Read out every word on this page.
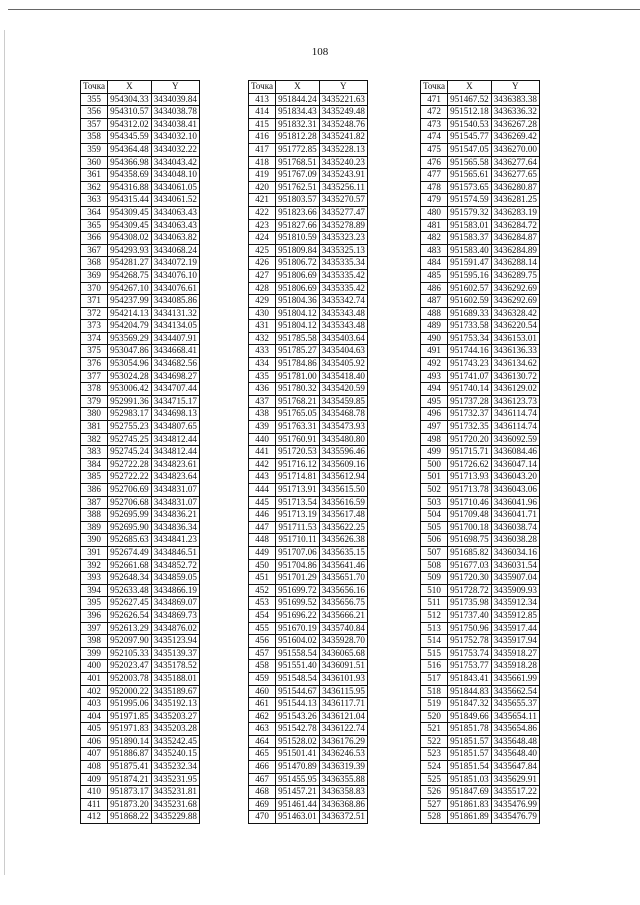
108
Точка	X	Y
355	954304.33	3434039.84
356	954310.57	3434038.78
357	954312.02	3434038.41
358	954345.59	3434032.10
359	954364.48	3434032.22
360	954366.98	3434043.42
361	954358.69	3434048.10
362	954316.88	3434061.05
363	954315.44	3434061.52
364	954309.45	3434063.43
365	954309.45	3434063.43
366	954308.02	3434063.82
367	954293.93	3434068.24
368	954281.27	3434072.19
369	954268.75	3434076.10
370	954267.10	3434076.61
371	954237.99	3434085.86
372	954214.13	3434131.32
373	954204.79	3434134.05
374	953569.29	3434407.91
375	953047.86	3434668.41
376	953054.96	3434682.56
377	953024.28	3434698.27
378	953006.42	3434707.44
379	952991.36	3434715.17
380	952983.17	3434698.13
381	952755.23	3434807.65
382	952745.25	3434812.44
383	952745.24	3434812.44
384	952722.28	3434823.61
385	952722.22	3434823.64
386	952706.69	3434831.07
387	952706.68	3434831.07
388	952695.99	3434836.21
389	952695.90	3434836.34
390	952685.63	3434841.23
391	952674.49	3434846.51
392	952661.68	3434852.72
393	952648.34	3434859.05
394	952633.48	3434866.19
395	952627.45	3434869.07
396	952626.54	3434869.73
397	952613.29	3434876.02
398	952097.90	3435123.94
399	952105.33	3435139.37
400	952023.47	3435178.52
401	952003.78	3435188.01
402	952000.22	3435189.67
403	951995.06	3435192.13
404	951971.85	3435203.27
405	951971.83	3435203.28
406	951890.14	3435242.45
407	951886.87	3435240.15
408	951875.41	3435232.34
409	951874.21	3435231.95
410	951873.17	3435231.81
411	951873.20	3435231.68
412	951868.22	3435229.88
Точка	X	Y
413	951844.24	3435221.63
414	951834.43	3435249.48
415	951832.31	3435248.76
416	951812.28	3435241.82
417	951772.85	3435228.13
418	951768.51	3435240.23
419	951767.09	3435243.91
420	951762.51	3435256.11
421	951803.57	3435270.57
422	951823.66	3435277.47
423	951827.66	3435278.89
424	951810.59	3435323.23
425	951809.84	3435325.13
426	951806.72	3435335.34
427	951806.69	3435335.42
428	951806.69	3435335.42
429	951804.36	3435342.74
430	951804.12	3435343.48
431	951804.12	3435343.48
432	951785.58	3435403.64
433	951785.27	3435404.63
434	951784.86	3435405.92
435	951781.00	3435418.40
436	951780.32	3435420.59
437	951768.21	3435459.85
438	951765.05	3435468.78
439	951763.31	3435473.93
440	951760.91	3435480.80
441	951720.53	3435596.46
442	951716.12	3435609.16
443	951714.81	3435612.94
444	951713.91	3435615.50
445	951713.54	3435616.59
446	951713.19	3435617.48
447	951711.53	3435622.25
448	951710.11	3435626.38
449	951707.06	3435635.15
450	951704.86	3435641.46
451	951701.29	3435651.70
452	951699.72	3435656.16
453	951699.52	3435656.75
454	951696.22	3435666.21
455	951670.19	3435740.84
456	951604.02	3435928.70
457	951558.54	3436065.68
458	951551.40	3436091.51
459	951548.54	3436101.93
460	951544.67	3436115.95
461	951544.13	3436117.71
462	951543.26	3436121.04
463	951542.78	3436122.74
464	951528.02	3436176.29
465	951501.41	3436246.53
466	951470.89	3436319.39
467	951455.95	3436355.88
468	951457.21	3436358.83
469	951461.44	3436368.86
470	951463.01	3436372.51
Точка	X	Y
471	951467.52	3436383.38
472	951512.18	3436336.32
473	951540.53	3436267.28
474	951545.77	3436269.42
475	951547.05	3436270.00
476	951565.58	3436277.64
477	951565.61	3436277.65
478	951573.65	3436280.87
479	951574.59	3436281.25
480	951579.32	3436283.19
481	951583.01	3436284.72
482	951583.37	3436284.87
483	951583.40	3436284.89
484	951591.47	3436288.14
485	951595.16	3436289.75
486	951602.57	3436292.69
487	951602.59	3436292.69
488	951689.33	3436328.42
489	951733.58	3436220.54
490	951753.34	3436153.01
491	951744.16	3436136.33
492	951743.23	3436134.62
493	951741.07	3436130.72
494	951740.14	3436129.02
495	951737.28	3436123.73
496	951732.37	3436114.74
497	951732.35	3436114.74
498	951720.20	3436092.59
499	951715.71	3436084.46
500	951726.62	3436047.14
501	951713.93	3436043.20
502	951713.78	3436043.06
503	951710.46	3436041.96
504	951709.48	3436041.71
505	951700.18	3436038.74
506	951698.75	3436038.28
507	951685.82	3436034.16
508	951677.03	3436031.54
509	951720.30	3435907.04
510	951728.72	3435909.93
511	951735.98	3435912.34
512	951737.40	3435912.85
513	951750.96	3435917.44
514	951752.78	3435917.94
515	951753.74	3435918.27
516	951753.77	3435918.28
517	951843.41	3435661.99
518	951844.83	3435662.54
519	951847.32	3435655.37
520	951849.66	3435654.11
521	951851.78	3435654.86
522	951851.57	3435648.48
523	951851.57	3435648.40
524	951851.54	3435647.84
525	951851.03	3435629.91
526	951847.69	3435517.22
527	951861.83	3435476.99
528	951861.89	3435476.79
